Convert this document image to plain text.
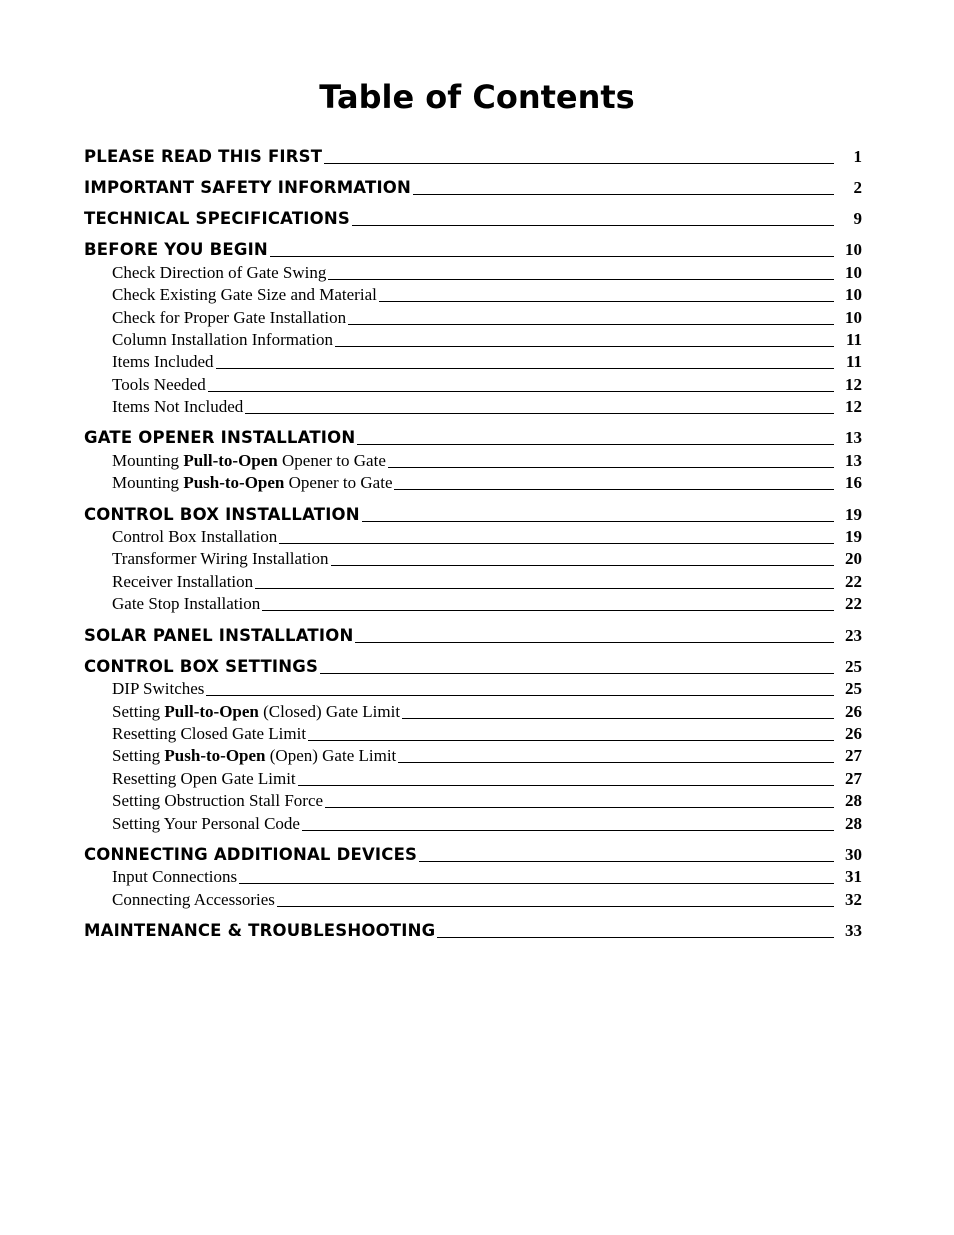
Table of Contents
PLEASE READ THIS FIRST	1
IMPORTANT SAFETY INFORMATION	2
TECHNICAL SPECIFICATIONS	9
BEFORE YOU BEGIN	10
Check Direction of Gate Swing	10
Check Existing Gate Size and Material	10
Check for Proper Gate Installation	10
Column Installation Information	11
Items Included	11
Tools Needed	12
Items Not Included	12
GATE OPENER INSTALLATION	13
Mounting Pull-to-Open Opener to Gate	13
Mounting Push-to-Open Opener to Gate	16
CONTROL BOX INSTALLATION	19
Control Box Installation	19
Transformer Wiring Installation	20
Receiver Installation	22
Gate Stop Installation	22
SOLAR PANEL INSTALLATION	23
CONTROL BOX SETTINGS	25
DIP Switches	25
Setting Pull-to-Open (Closed) Gate Limit	26
Resetting Closed Gate Limit	26
Setting Push-to-Open (Open) Gate Limit	27
Resetting Open Gate Limit	27
Setting Obstruction Stall Force	28
Setting Your Personal Code	28
CONNECTING ADDITIONAL DEVICES	30
Input Connections	31
Connecting Accessories	32
MAINTENANCE & TROUBLESHOOTING	33
